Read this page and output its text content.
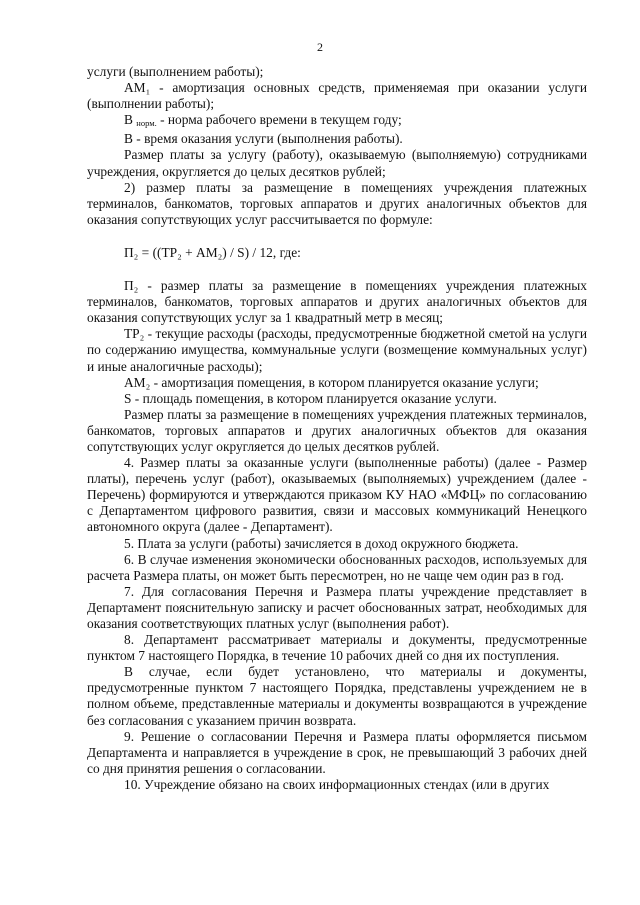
2

услуги (выполнением работы);

АМ₁ - амортизация основных средств, применяемая при оказании услуги (выполнении работы);

В $_{норм.}$ - норма рабочего времени в текущем году;

В - время оказания услуги (выполнения работы).

Размер платы за услугу (работу), оказываемую (выполняемую) сотрудниками учреждения, округляется до целых десятков рублей;

2) размер платы за размещение в помещениях учреждения платежных терминалов, банкоматов, торговых аппаратов и других аналогичных объектов для оказания сопутствующих услуг рассчитывается по формуле:

П₂ = ((ТР₂ + АМ₂) / S) / 12, где:

П₂ - размер платы за размещение в помещениях учреждения платежных терминалов, банкоматов, торговых аппаратов и других аналогичных объектов для оказания сопутствующих услуг за 1 квадратный метр в месяц;

ТР₂ - текущие расходы (расходы, предусмотренные бюджетной сметой на услуги по содержанию имущества, коммунальные услуги (возмещение коммунальных услуг) и иные аналогичные расходы);

АМ₂ - амортизация помещения, в котором планируется оказание услуги;

S - площадь помещения, в котором планируется оказание услуги.

Размер платы за размещение в помещениях учреждения платежных терминалов, банкоматов, торговых аппаратов и других аналогичных объектов для оказания сопутствующих услуг округляется до целых десятков рублей.

4. Размер платы за оказанные услуги (выполненные работы) (далее - Размер платы), перечень услуг (работ), оказываемых (выполняемых) учреждением (далее - Перечень) формируются и утверждаются приказом КУ НАО «МФЦ» по согласованию с Департаментом цифрового развития, связи и массовых коммуникаций Ненецкого автономного округа (далее - Департамент).

5. Плата за услуги (работы) зачисляется в доход окружного бюджета.

6. В случае изменения экономически обоснованных расходов, используемых для расчета Размера платы, он может быть пересмотрен, но не чаще чем один раз в год.

7. Для согласования Перечня и Размера платы учреждение представляет в Департамент пояснительную записку и расчет обоснованных затрат, необходимых для оказания соответствующих платных услуг (выполнения работ).

8. Департамент рассматривает материалы и документы, предусмотренные пунктом 7 настоящего Порядка, в течение 10 рабочих дней со дня их поступления.

В случае, если будет установлено, что материалы и документы, предусмотренные пунктом 7 настоящего Порядка, представлены учреждением не в полном объеме, представленные материалы и документы возвращаются в учреждение без согласования с указанием причин возврата.

9. Решение о согласовании Перечня и Размера платы оформляется письмом Департамента и направляется в учреждение в срок, не превышающий 3 рабочих дней со дня принятия решения о согласовании.

10. Учреждение обязано на своих информационных стендах (или в других
